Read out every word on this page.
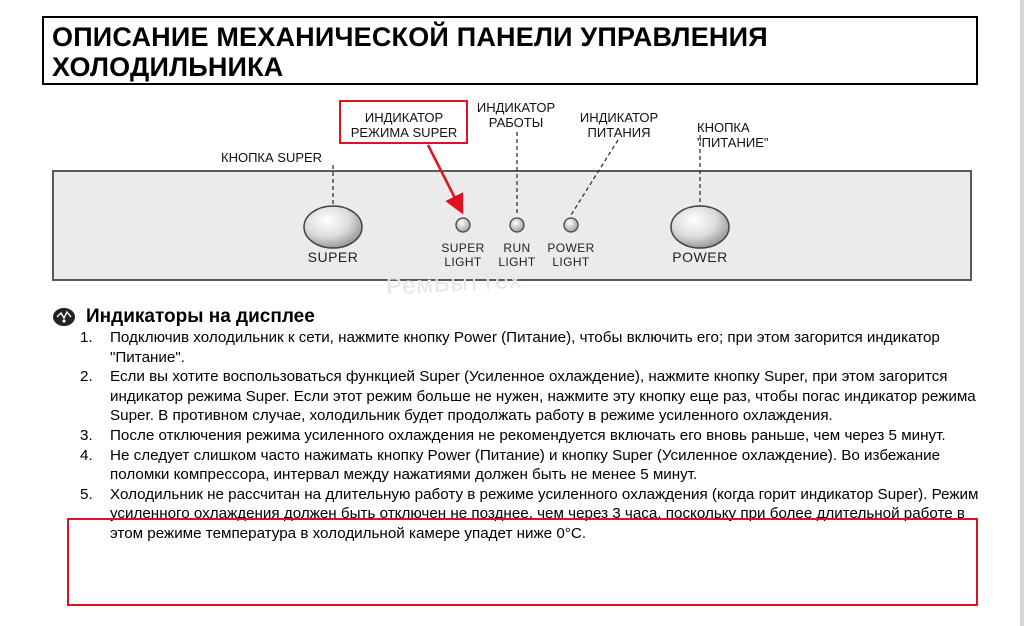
ОПИСАНИЕ МЕХАНИЧЕСКОЙ ПАНЕЛИ УПРАВЛЕНИЯ
ХОЛОДИЛЬНИКА
КНОПКА SUPER
ИНДИКАТОР
РЕЖИМА SUPER
ИНДИКАТОР
РАБОТЫ	ИНДИКАТОР
ПИТАНИЯ	КНОПКА
"ПИТАНИЕ"
SUPER
SUPER
LIGHT
RUN
LIGHT
POWER
LIGHT	POWER
РемБытТех
Индикаторы на дисплее
1. Подключив холодильник к сети, нажмите кнопку Power (Питание), чтобы включить его; при этом загорится индикатор "Питание".
2. Если вы хотите воспользоваться функцией Super (Усиленное охлаждение), нажмите кнопку Super, при этом загорится индикатор режима Super. Если этот режим больше не нужен, нажмите эту кнопку еще раз, чтобы погас индикатор режима Super. В противном случае, холодильник будет продолжать работу в режиме усиленного охлаждения.
3. После отключения режима усиленного охлаждения не рекомендуется включать его вновь раньше, чем через 5 минут.
4. Не следует слишком часто нажимать кнопку Power (Питание) и кнопку Super (Усиленное охлаждение). Во избежание поломки компрессора, интервал между нажатиями должен быть не менее 5 минут.
5. Холодильник не рассчитан на длительную работу в режиме усиленного охлаждения (когда горит индикатор Super). Режим усиленного охлаждения должен быть отключен не позднее, чем через 3 часа, поскольку при более длительной работе в этом режиме температура в холодильной камере упадет ниже 0°C.
